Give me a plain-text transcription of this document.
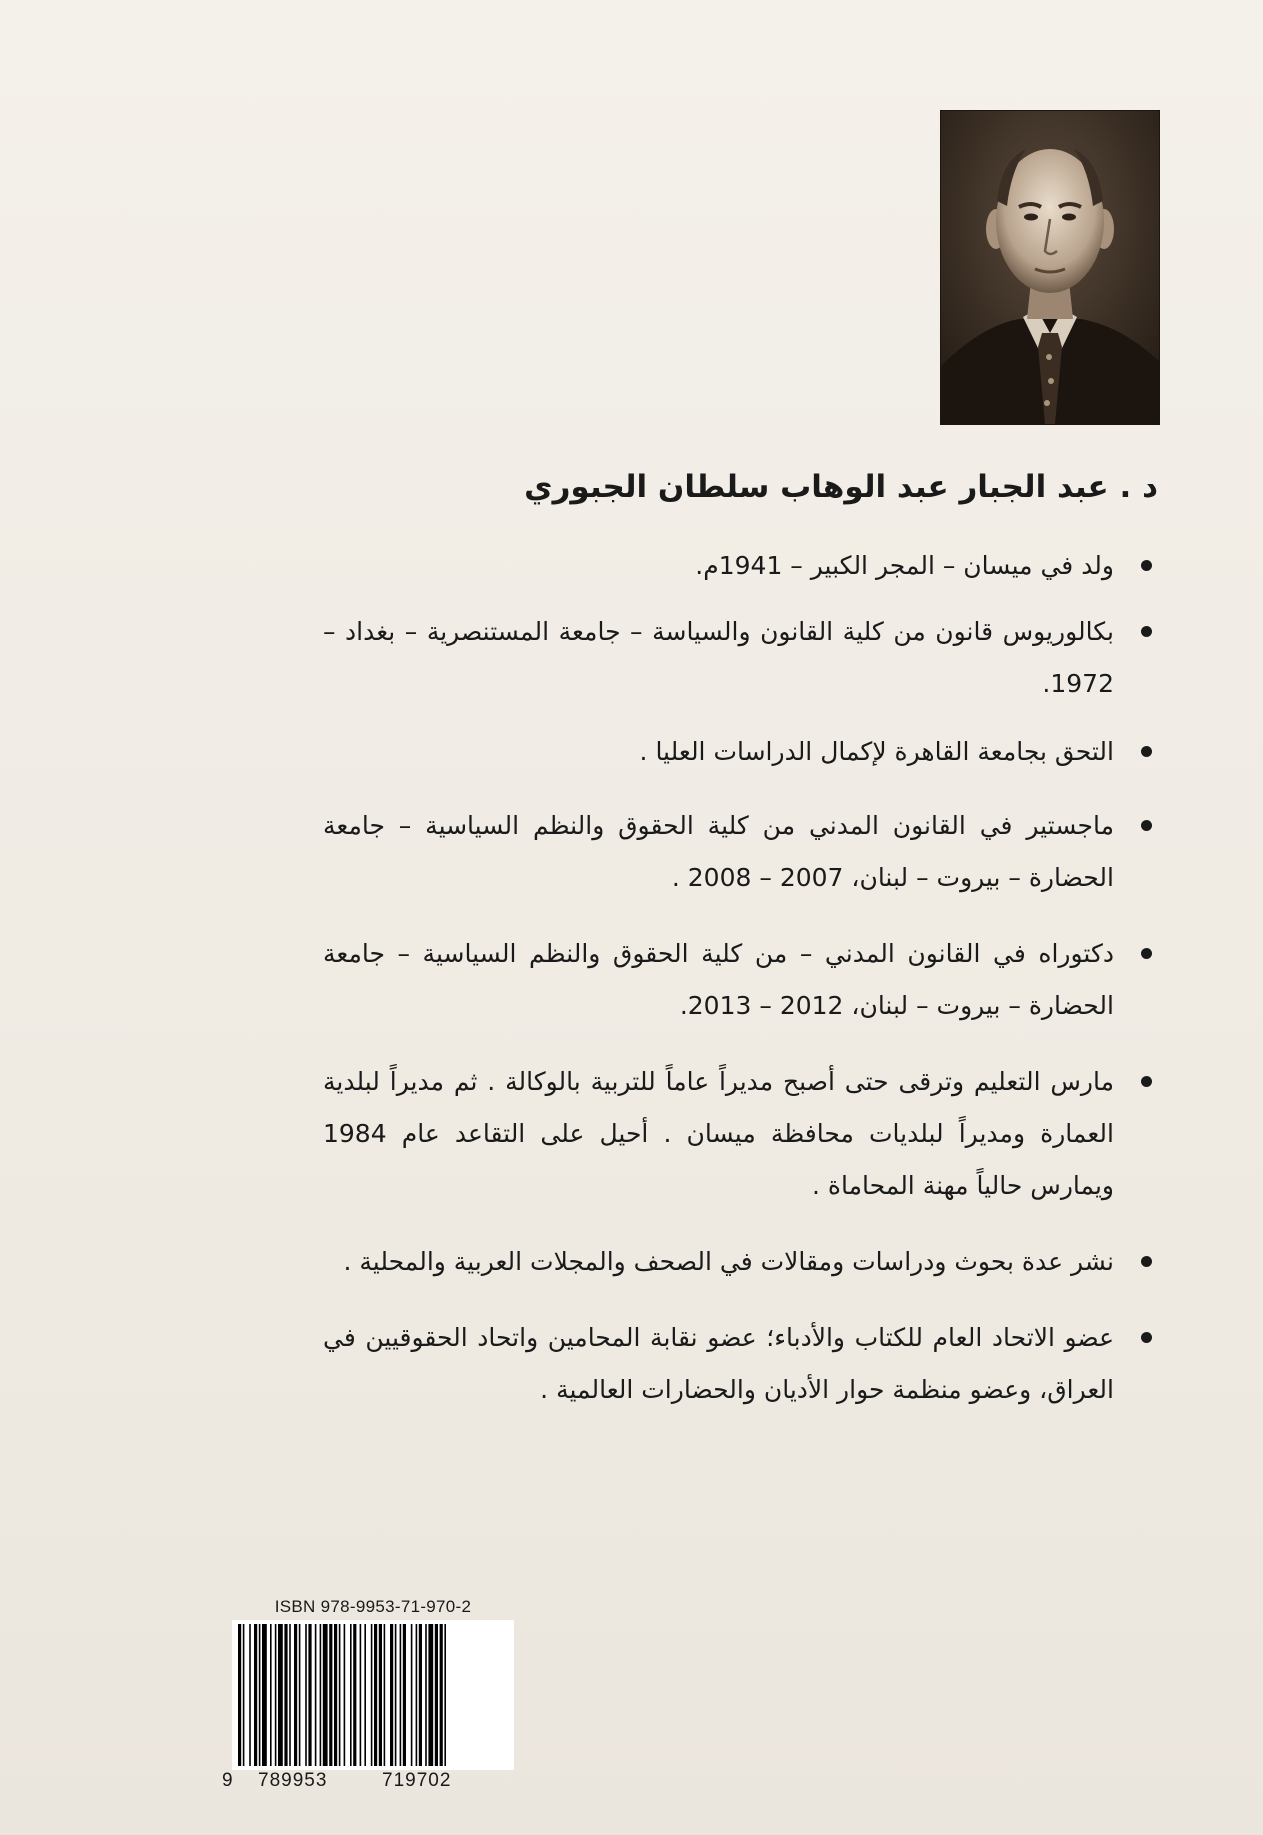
د . عبد الجبار عبد الوهاب سلطان الجبوري
ولد في ميسان – المجر الكبير – 1941م.
بكالوريوس قانون من كلية القانون والسياسة – جامعة المستنصرية – بغداد – 1972.
التحق بجامعة القاهرة لإكمال الدراسات العليا .
ماجستير في القانون المدني من كلية الحقوق والنظم السياسية – جامعة الحضارة – بيروت – لبنان، 2007 – 2008 .
دكتوراه في القانون المدني – من كلية الحقوق والنظم السياسية – جامعة الحضارة – بيروت – لبنان، 2012 – 2013.
مارس التعليم وترقى حتى أصبح مديراً عاماً للتربية بالوكالة . ثم مديراً لبلدية العمارة ومديراً لبلديات محافظة ميسان . أحيل على التقاعد عام 1984 ويمارس حالياً مهنة المحاماة .
نشر عدة بحوث ودراسات ومقالات في الصحف والمجلات العربية والمحلية .
عضو الاتحاد العام للكتاب والأدباء؛ عضو نقابة المحامين واتحاد الحقوقيين في العراق، وعضو منظمة حوار الأديان والحضارات العالمية .
ISBN 978-9953-71-970-2
9 789953	719702
